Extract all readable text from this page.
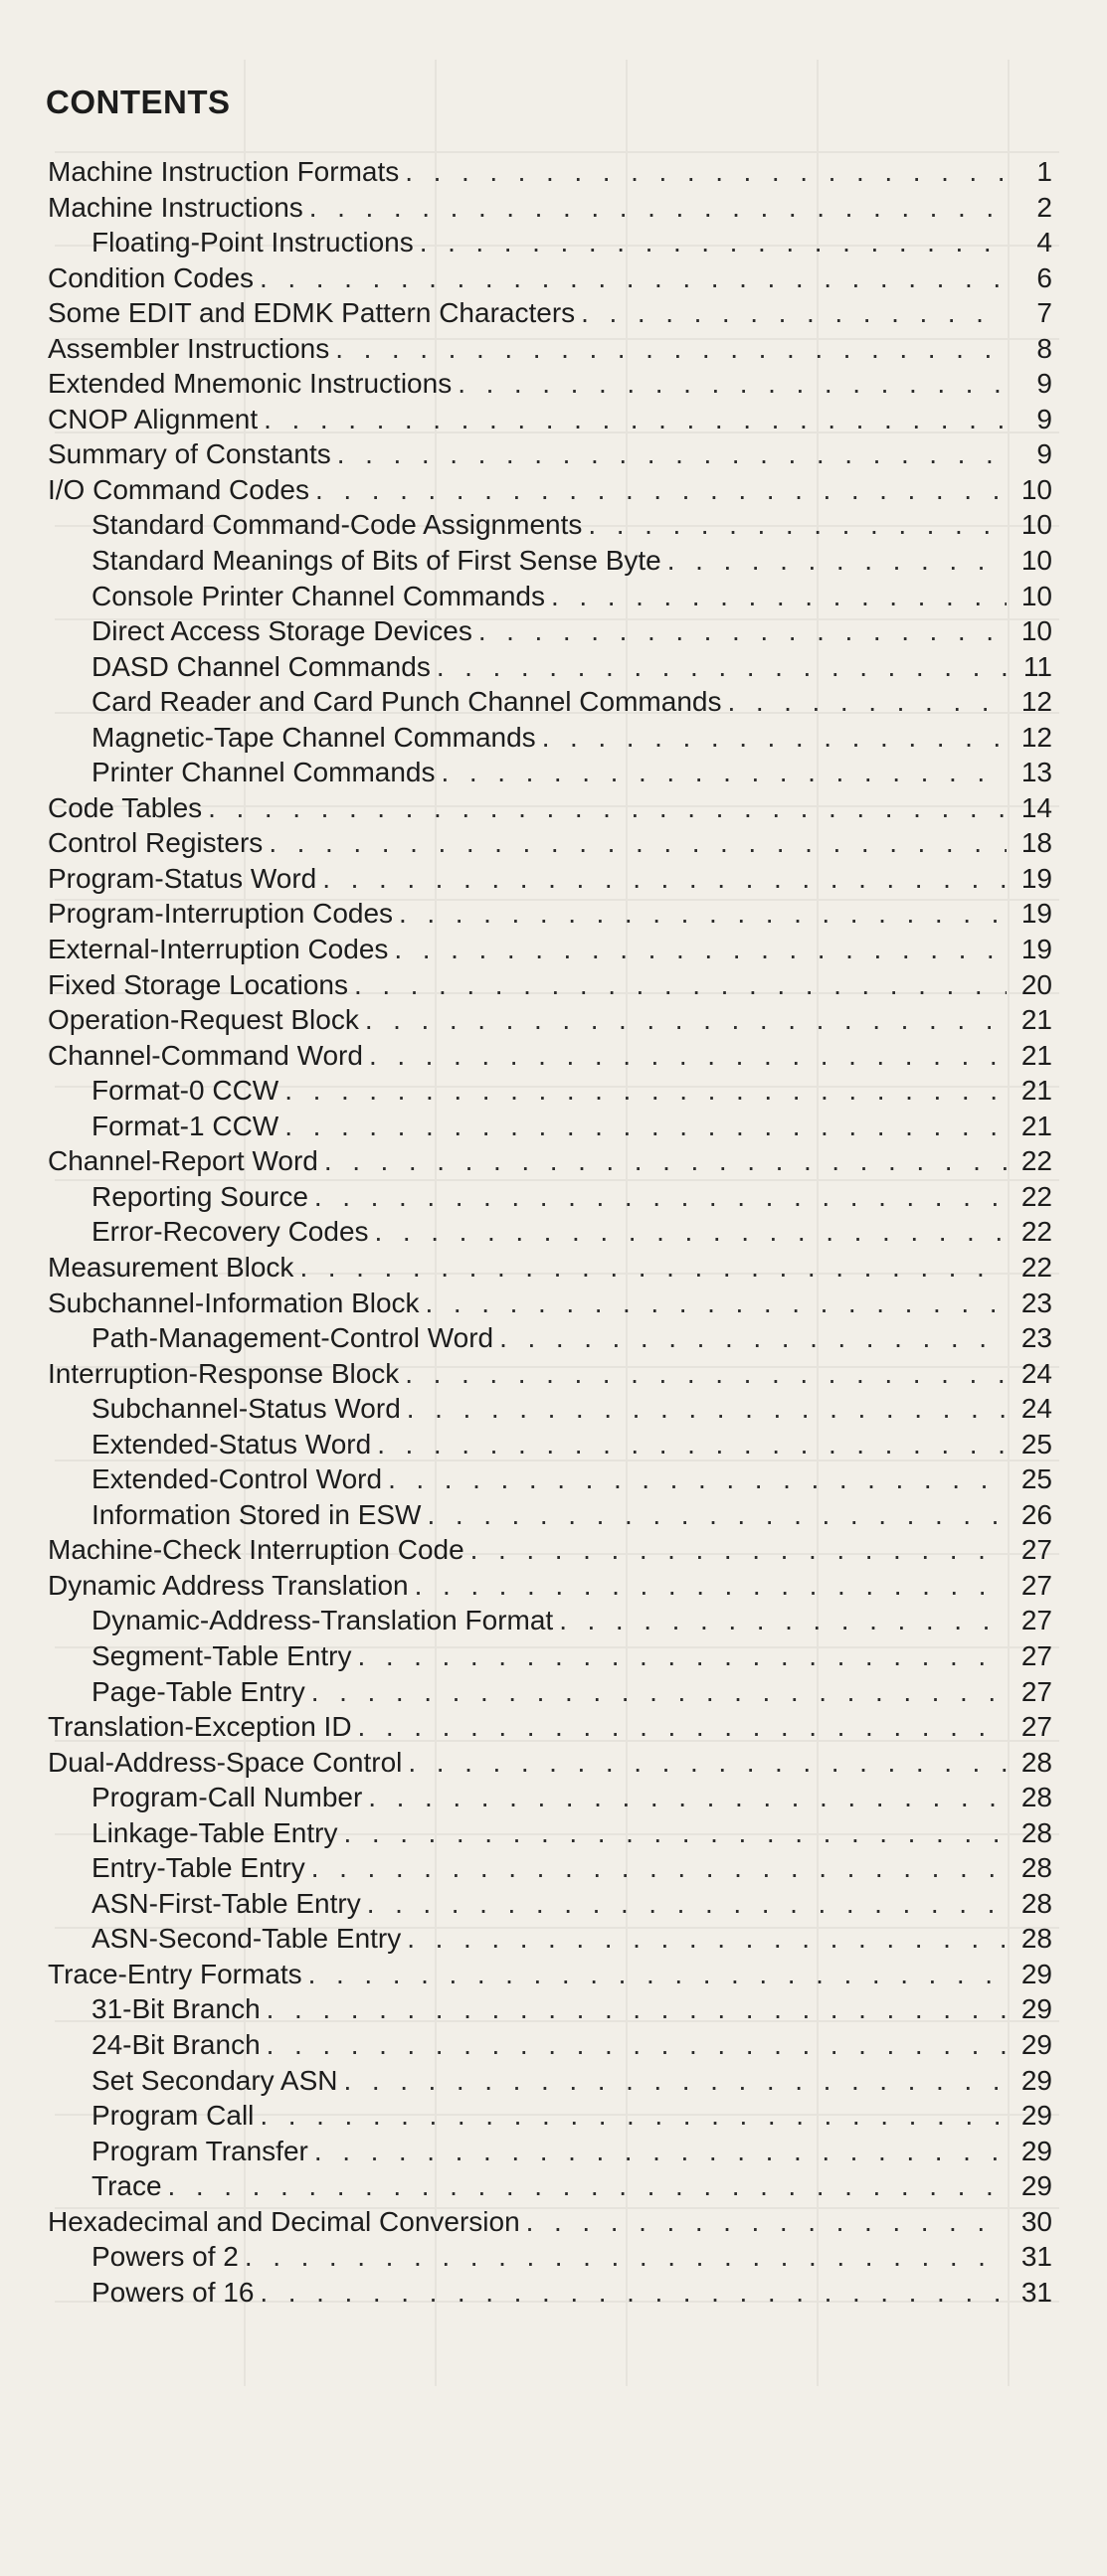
CONTENTS
Machine Instruction Formats . . .	1
Machine Instructions . . .	2
Floating-Point Instructions . . .	4
Condition Codes . . .	6
Some EDIT and EDMK Pattern Characters . . .	7
Assembler Instructions . . .	8
Extended Mnemonic Instructions . . .	9
CNOP Alignment . . .	9
Summary of Constants . . .	9
I/O Command Codes . . .	10
Standard Command-Code Assignments . . .	10
Standard Meanings of Bits of First Sense Byte . . .	10
Console Printer Channel Commands . . .	10
Direct Access Storage Devices . . .	10
DASD Channel Commands . . .	11
Card Reader and Card Punch Channel Commands . . .	12
Magnetic-Tape Channel Commands . . .	12
Printer Channel Commands . . .	13
Code Tables . . .	14
Control Registers . . .	18
Program-Status Word . . .	19
Program-Interruption Codes . . .	19
External-Interruption Codes . . .	19
Fixed Storage Locations . . .	20
Operation-Request Block . . .	21
Channel-Command Word . . .	21
Format-0 CCW . . .	21
Format-1 CCW . . .	21
Channel-Report Word . . .	22
Reporting Source . . .	22
Error-Recovery Codes . . .	22
Measurement Block . . .	22
Subchannel-Information Block . . .	23
Path-Management-Control Word . . .	23
Interruption-Response Block . . .	24
Subchannel-Status Word . . .	24
Extended-Status Word . . .	25
Extended-Control Word . . .	25
Information Stored in ESW . . .	26
Machine-Check Interruption Code . . .	27
Dynamic Address Translation . . .	27
Dynamic-Address-Translation Format . . .	27
Segment-Table Entry . . .	27
Page-Table Entry . . .	27
Translation-Exception ID . . .	27
Dual-Address-Space Control . . .	28
Program-Call Number . . .	28
Linkage-Table Entry . . .	28
Entry-Table Entry . . .	28
ASN-First-Table Entry . . .	28
ASN-Second-Table Entry . . .	28
Trace-Entry Formats . . .	29
31-Bit Branch . . .	29
24-Bit Branch . . .	29
Set Secondary ASN . . .	29
Program Call . . .	29
Program Transfer . . .	29
Trace . . .	29
Hexadecimal and Decimal Conversion . . .	30
Powers of 2 . . .	31
Powers of 16 . . .	31
